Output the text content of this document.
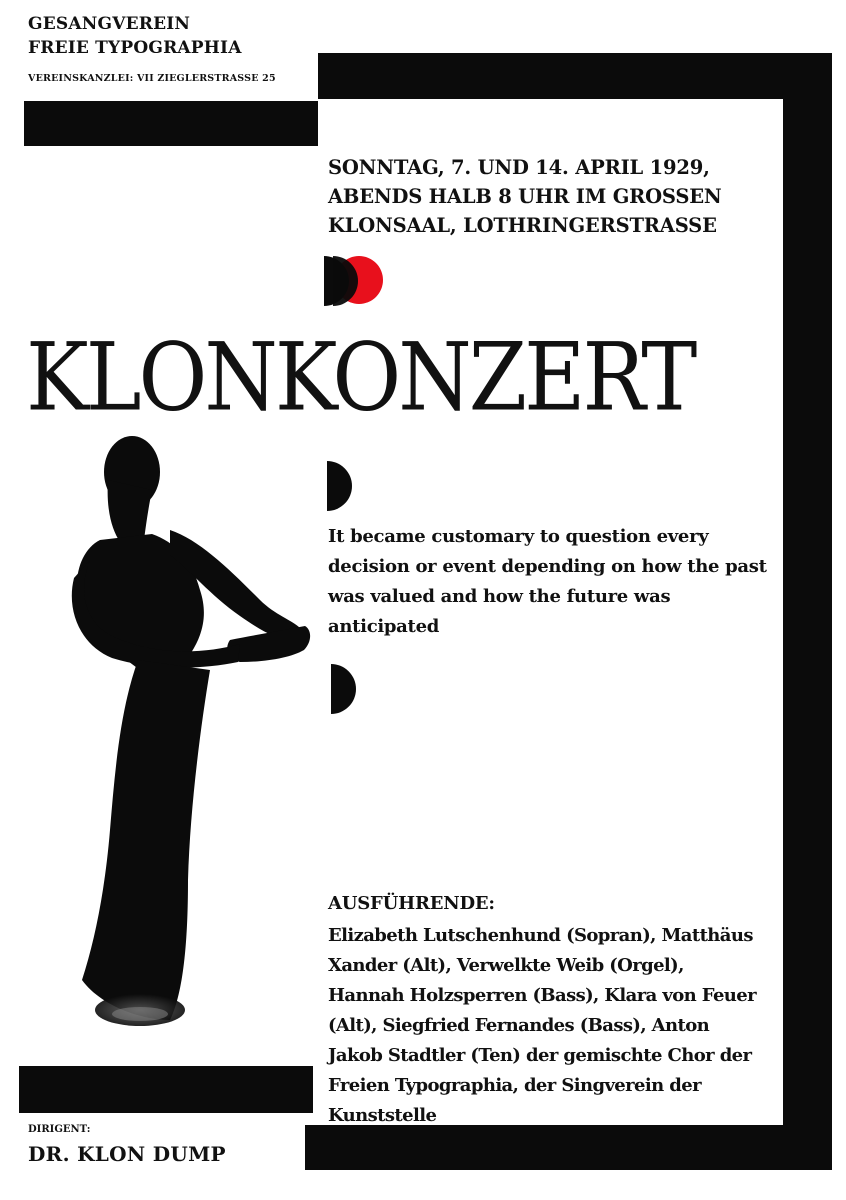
GESANGVEREIN
FREIE TYPOGRAPHIA
VEREINSKANZLEI: VII ZIEGLERSTRASSE 25
SONNTAG, 7. UND 14. APRIL 1929,
ABENDS HALB 8 UHR IM GROSSEN
KLONSAAL, LOTHRINGERSTRASSE
KLONKONZERT
It became customary to question every
decision or event depending on how the past
was valued and how the future was
anticipated
AUSFÜHRENDE:
Elizabeth Lutschenhund (Sopran), Matthäus
Xander (Alt), Verwelkte Weib (Orgel),
Hannah Holzsperren (Bass), Klara von Feuer
(Alt), Siegfried Fernandes (Bass), Anton
Jakob Stadtler (Ten) der gemischte Chor der
Freien Typographia, der Singverein der
Kunststelle
DIRIGENT:
DR. KLON DUMP
